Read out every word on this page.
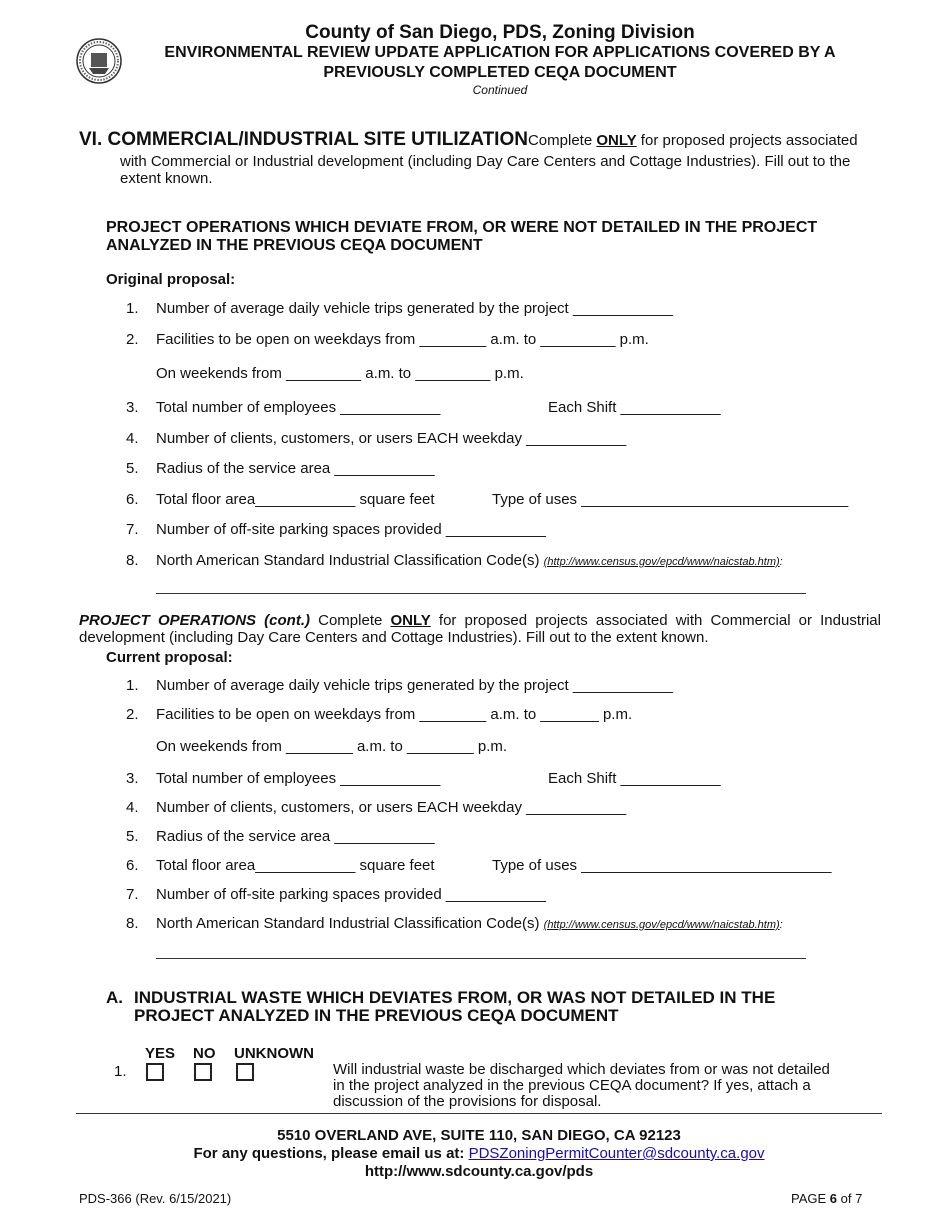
County of San Diego, PDS, Zoning Division
ENVIRONMENTAL REVIEW UPDATE APPLICATION FOR APPLICATIONS COVERED BY A
PREVIOUSLY COMPLETED CEQA DOCUMENT
Continued
VI. COMMERCIAL/INDUSTRIAL SITE UTILIZATIONComplete ONLY for proposed projects associated
with Commercial or Industrial development (including Day Care Centers and Cottage Industries). Fill out to the
extent known.
PROJECT OPERATIONS WHICH DEVIATE FROM, OR WERE NOT DETAILED IN THE PROJECT
ANALYZED IN THE PREVIOUS CEQA DOCUMENT
Original proposal:
1. Number of average daily vehicle trips generated by the project ____________
2. Facilities to be open on weekdays from ________ a.m. to _________ p.m.
On weekends from _________ a.m. to _________ p.m.
3. Total number of employees ____________	Each Shift ____________
4. Number of clients, customers, or users EACH weekday ____________
5. Radius of the service area ____________
6. Total floor area____________ square feet	Type of uses ________________________________
7. Number of off-site parking spaces provided ____________
8. North American Standard Industrial Classification Code(s) (http://www.census.gov/epcd/www/naicstab.htm):
PROJECT OPERATIONS (cont.) Complete ONLY for proposed projects associated with Commercial or Industrial
development (including Day Care Centers and Cottage Industries). Fill out to the extent known.
Current proposal:
1. Number of average daily vehicle trips generated by the project ____________
2. Facilities to be open on weekdays from ________ a.m. to _______ p.m.
On weekends from ________ a.m. to ________ p.m.
3. Total number of employees ____________	Each Shift ____________
4. Number of clients, customers, or users EACH weekday ____________
5. Radius of the service area ____________
6. Total floor area____________ square feet	Type of uses ______________________________
7. Number of off-site parking spaces provided ____________
8. North American Standard Industrial Classification Code(s) (http://www.census.gov/epcd/www/naicstab.htm):
A. INDUSTRIAL WASTE WHICH DEVIATES FROM, OR WAS NOT DETAILED IN THE
PROJECT ANALYZED IN THE PREVIOUS CEQA DOCUMENT
YES NO UNKNOWN
1.	Will industrial waste be discharged which deviates from or was not detailed
in the project analyzed in the previous CEQA document? If yes, attach a
discussion of the provisions for disposal.
5510 OVERLAND AVE, SUITE 110, SAN DIEGO, CA 92123
For any questions, please email us at: PDSZoningPermitCounter@sdcounty.ca.gov
http://www.sdcounty.ca.gov/pds
PDS-366 (Rev. 6/15/2021)	PAGE 6 of 7
